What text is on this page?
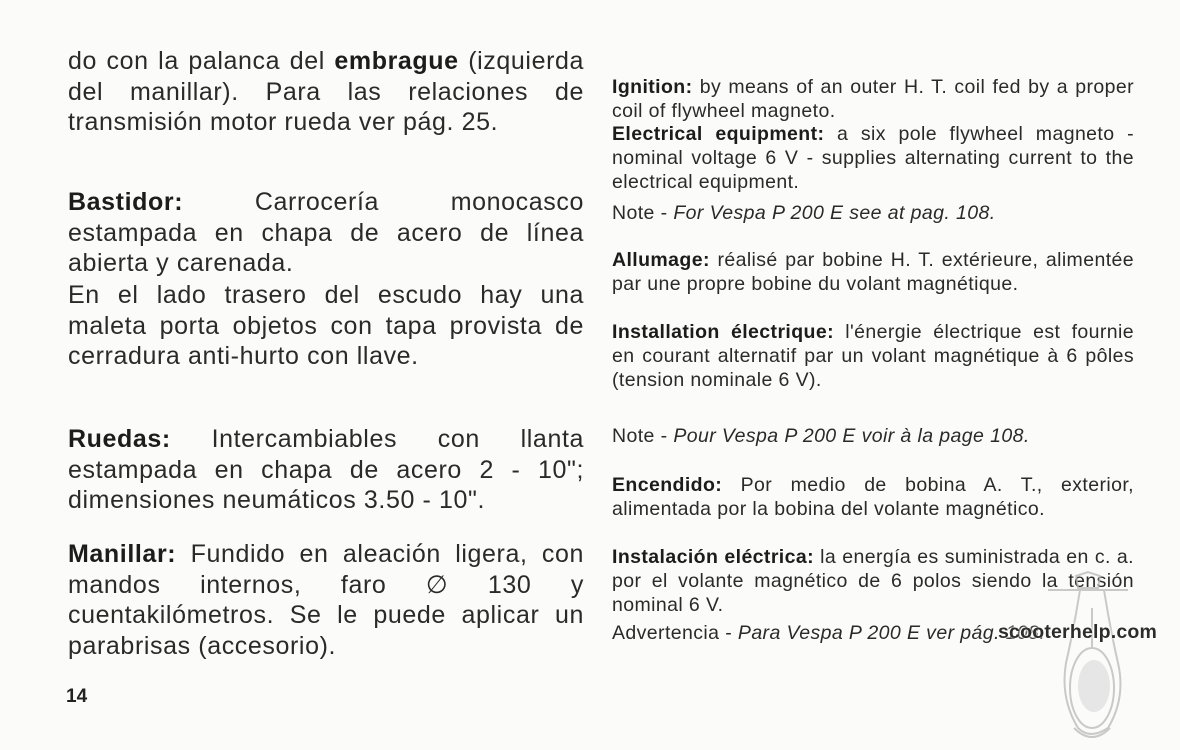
do con la palanca del embrague (izquierda del manillar). Para las relaciones de transmisión motor rueda ver pág. 25.

Bastidor: Carrocería monocasco estampada en chapa de acero de línea abierta y carenada.

En el lado trasero del escudo hay una maleta porta objetos con tapa provista de cerradura anti-hurto con llave.

Ruedas: Intercambiables con llanta estampada en chapa de acero 2 - 10"; dimensiones neumáticos 3.50 - 10".

Manillar: Fundido en aleación ligera, con mandos internos, faro ∅ 130 y cuentakilómetros. Se le puede aplicar un parabrisas (accesorio).

Ignition: by means of an outer H. T. coil fed by a proper coil of flywheel magneto.

Electrical equipment: a six pole flywheel magneto - nominal voltage 6 V - supplies alternating current to the electrical equipment.

Note - For Vespa P 200 E see at pag. 108.

Allumage: réalisé par bobine H. T. extérieure, alimentée par une propre bobine du volant magnétique.

Installation électrique: l'énergie électrique est fournie en courant alternatif par un volant magnétique à 6 pôles (tension nominale 6 V).

Note - Pour Vespa P 200 E voir à la page 108.

Encendido: Por medio de bobina A. T., exterior, alimentada por la bobina del volante magnético.

Instalación eléctrica: la energía es suministrada en c. a. por el volante magnético de 6 polos siendo la tensión nominal 6 V.

Advertencia - Para Vespa P 200 E ver pág. 108.

14
scooterhelp.com
